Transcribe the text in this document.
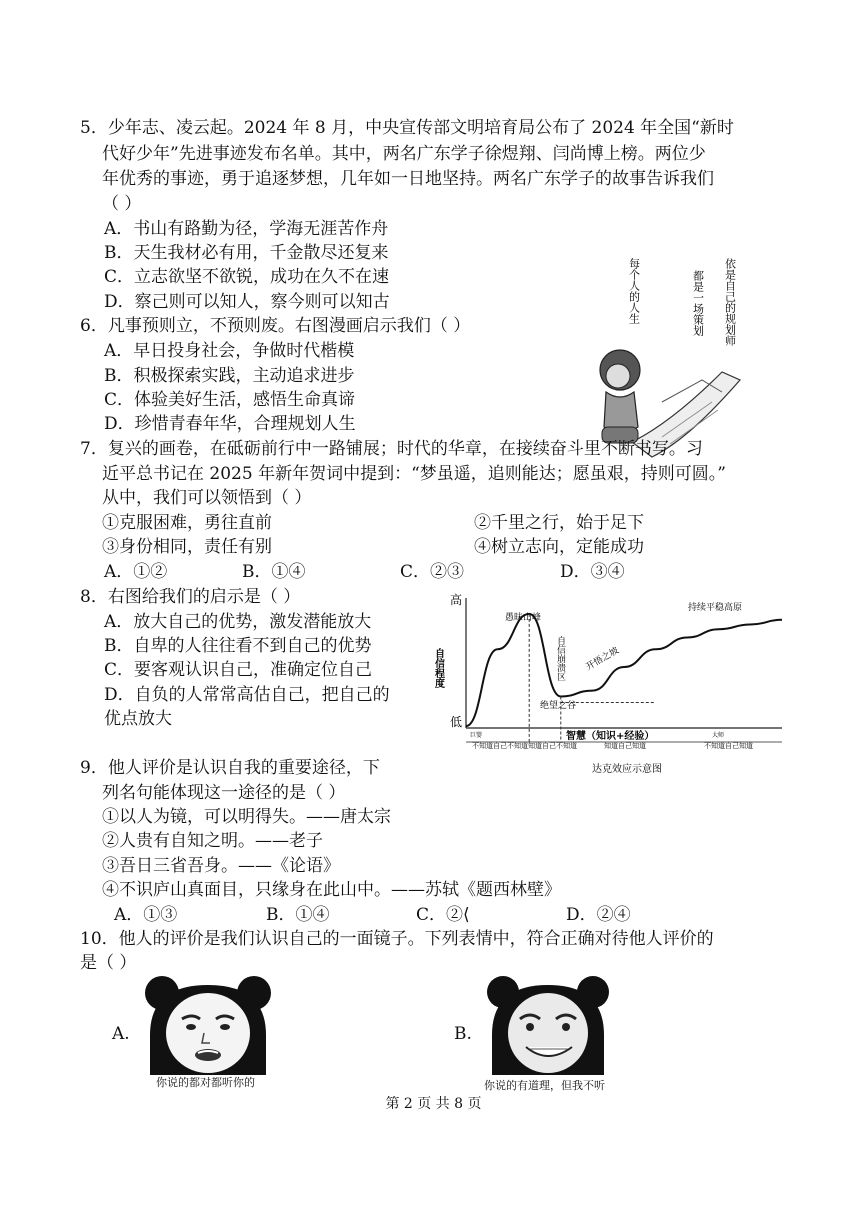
5．少年志、凌云起。2024 年 8 月，中央宣传部文明培育局公布了 2024 年全国“新时
代好少年”先进事迹发布名单。其中，两名广东学子徐煜翔、闫尚博上榜。两位少
年优秀的事迹，勇于追逐梦想，几年如一日地坚持。两名广东学子的故事告诉我们
（ ）
A．书山有路勤为径，学海无涯苦作舟
B．天生我材必有用，千金散尽还复来
C．立志欲坚不欲锐，成功在久不在速
D．察己则可以知人，察今则可以知古
6．凡事预则立，不预则废。右图漫画启示我们（ ）
A．早日投身社会，争做时代楷模
B．积极探索实践，主动追求进步
C．体验美好生活，感悟生命真谛
D．珍惜青春年华，合理规划人生
依是自己的规划师
都是一场策划
每个人的人生
7．复兴的画卷，在砥砺前行中一路铺展；时代的华章，在接续奋斗里不断书写。习
近平总书记在 2025 年新年贺词中提到：“梦虽遥，追则能达；愿虽艰，持则可圆。”
从中，我们可以领悟到（ ）
①克服困难，勇往直前	②千里之行，始于足下
③身份相同，责任有别	④树立志向，定能成功
A．①②	B．①④	C．②③	D．③④
8．右图给我们的启示是（ ）
A．放大自己的优势，激发潜能放大
B．自卑的人往往看不到自己的优势
C．要客观认识自己，准确定位自己
D．自负的人常常高估自己，把自己的
优点放大
高
低
自信程度
愚昧山峰
绝望之谷
开悟之坡
持续平稳高原
自信崩溃区
智慧（知识+经验）
巨婴
不知道自己不知道 知道自己不知道	知道自己知道
大师
不知道自己知道
达克效应示意图
9．他人评价是认识自我的重要途径，下
列名句能体现这一途径的是（ ）
①以人为镜，可以明得失。——唐太宗
②人贵有自知之明。——老子
③吾日三省吾身。——《论语》
④不识庐山真面目，只缘身在此山中。——苏轼《题西林壁》
A．①③	B．①④	C．②⟨	D．②④
10．他人的评价是我们认识自己的一面镜子。下列表情中，符合正确对待他人评价的
是（ ）
A.
你说的都对都听你的
B.
你说的有道理，但我不听
第 2 页 共 8 页
